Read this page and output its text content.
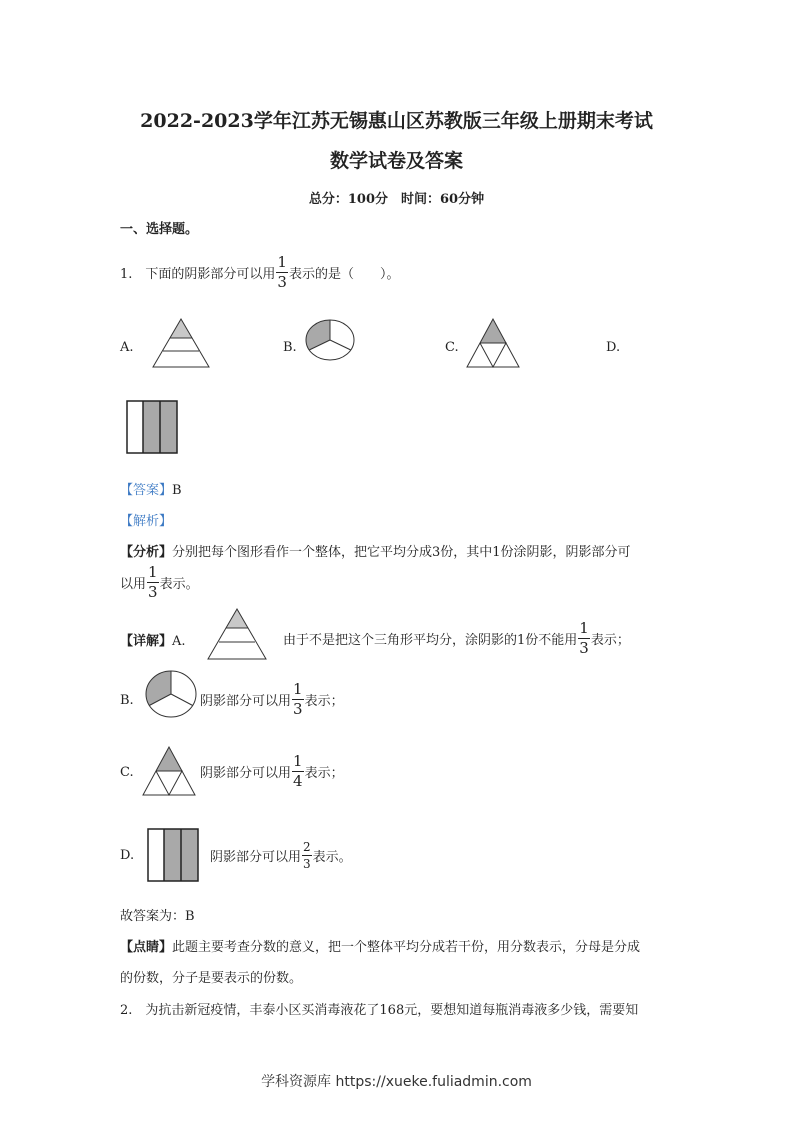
2022-2023学年江苏无锡惠山区苏教版三年级上册期末考试
数学试卷及答案
总分：100分　时间：60分钟
一、选择题。
1.　下面的阴影部分可以用 $\frac{1}{3}$ 表示的是（　　）。
A.	B.	C.	D.
【答案】B
【解析】
【分析】分别把每个图形看作一个整体，把它平均分成3份，其中1份涂阴影，阴影部分可
以用 $\frac{1}{3}$ 表示。
【详解】A.	由于不是把这个三角形平均分，涂阴影的1份不能用 $\frac{1}{3}$ 表示；
B.	阴影部分可以用 $\frac{1}{3}$ 表示；
C.	阴影部分可以用 $\frac{1}{4}$ 表示；
D.	阴影部分可以用 $\frac{2}{3}$ 表示。
故答案为：B
【点睛】此题主要考查分数的意义，把一个整体平均分成若干份，用分数表示，分母是分成
的份数，分子是要表示的份数。
2.　为抗击新冠疫情，丰泰小区买消毒液花了168元，要想知道每瓶消毒液多少钱，需要知
学科资源库 https://xueke.fuliadmin.com
